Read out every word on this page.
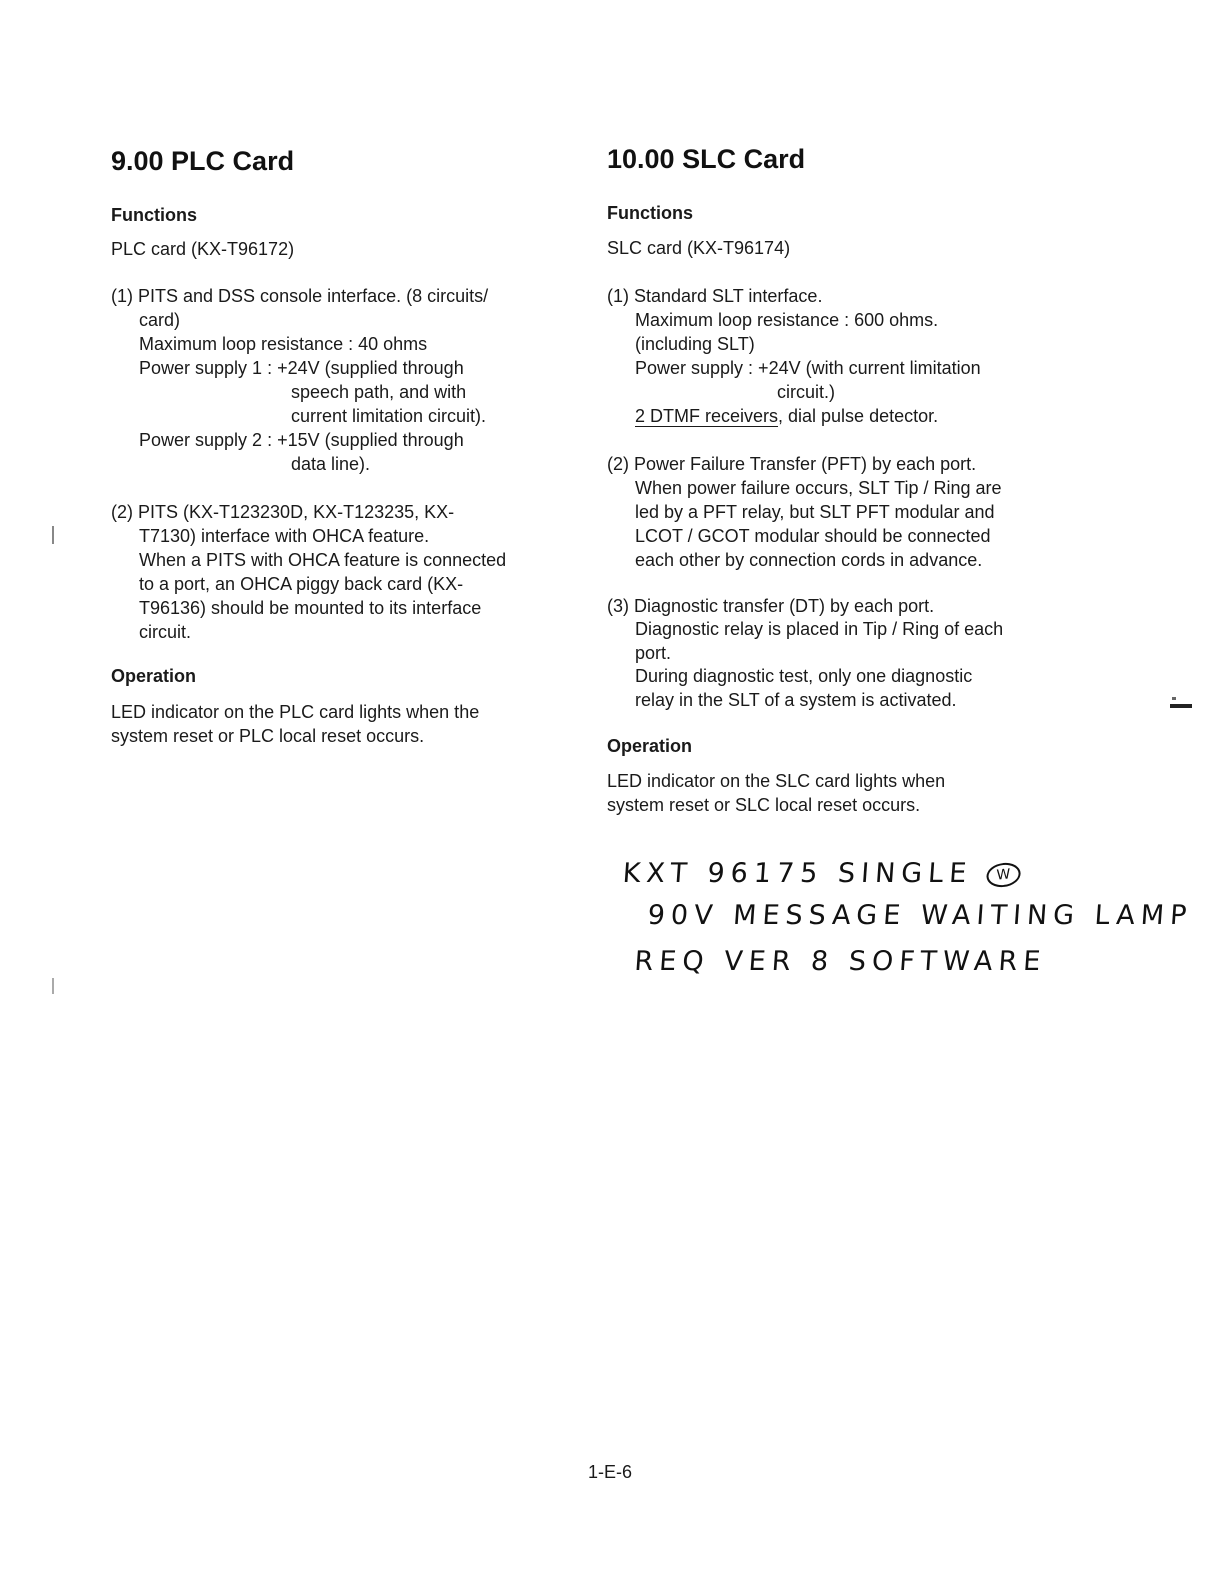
9.00 PLC Card
Functions
PLC card (KX-T96172)
(1) PITS and DSS console interface. (8 circuits/
card)
Maximum loop resistance : 40 ohms
Power supply 1 : +24V (supplied through
speech path, and with
current limitation circuit).
Power supply 2 : +15V (supplied through
data line).
(2) PITS (KX-T123230D, KX-T123235, KX-
T7130) interface with OHCA feature.
When a PITS with OHCA feature is connected
to a port, an OHCA piggy back card (KX-
T96136) should be mounted to its interface
circuit.
Operation
LED indicator on the PLC card lights when the
system reset or PLC local reset occurs.
10.00 SLC Card
Functions
SLC card (KX-T96174)
(1) Standard SLT interface.
Maximum loop resistance : 600 ohms.
(including SLT)
Power supply : +24V (with current limitation
circuit.)
2 DTMF receivers, dial pulse detector.
(2) Power Failure Transfer (PFT) by each port.
When power failure occurs, SLT Tip / Ring are
led by a PFT relay, but SLT PFT modular and
LCOT / GCOT modular should be connected
each other by connection cords in advance.
(3) Diagnostic transfer (DT) by each port.
Diagnostic relay is placed in Tip / Ring of each
port.
During diagnostic test, only one diagnostic
relay in the SLT of a system is activated.
Operation
LED indicator on the SLC card lights when
system reset or SLC local reset occurs.
KXT 96175 SINGLE W
90V MESSAGE WAITING LAMP
REQ VER 8 SOFTWARE
1-E-6
